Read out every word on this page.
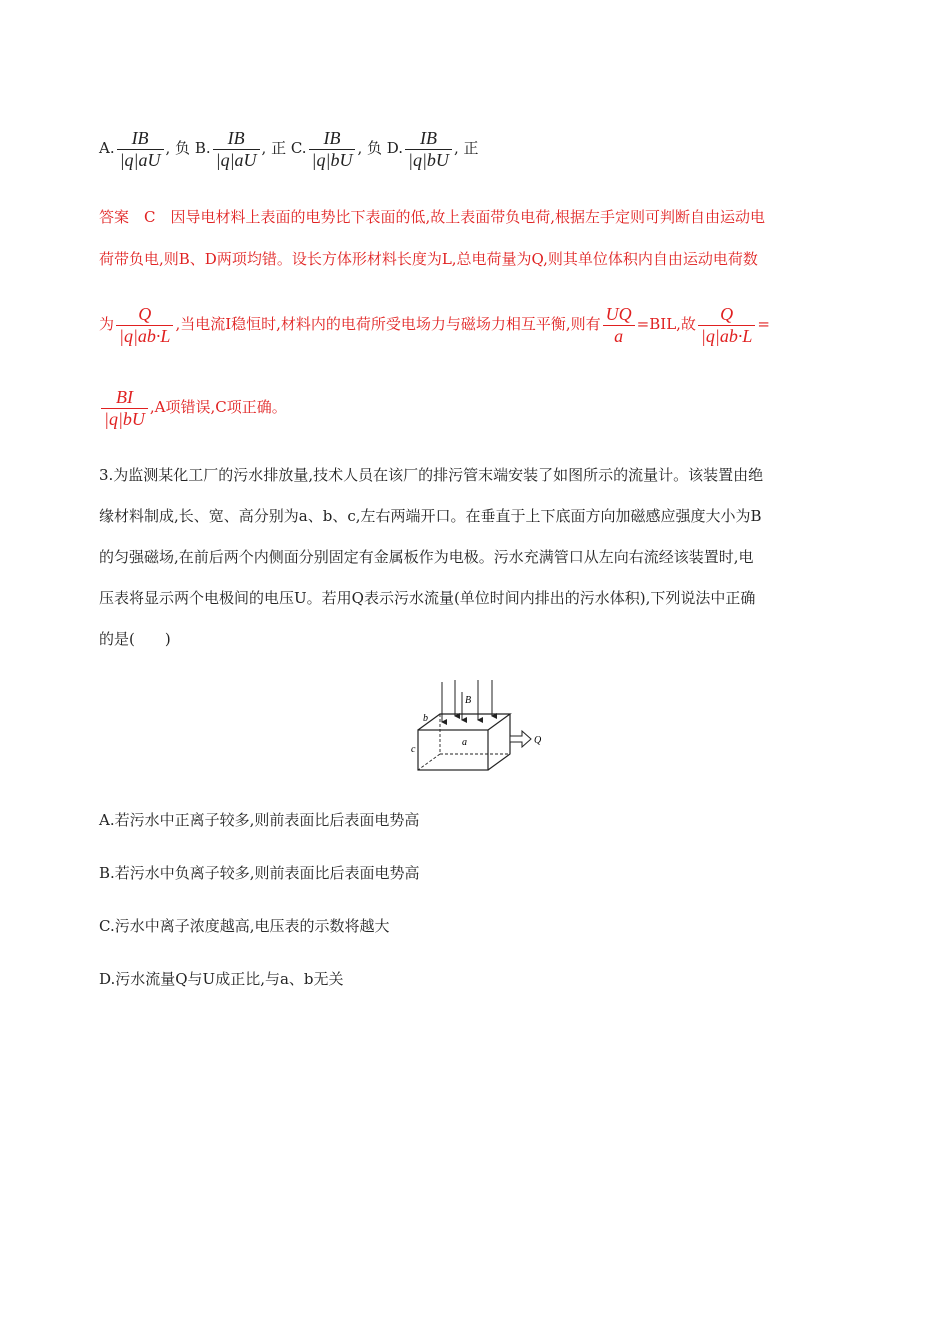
A. $\frac{IB}{|q|aU}$ , 负 B. $\frac{IB}{|q|aU}$ , 正 C. $\frac{IB}{|q|bU}$ , 负 D. $\frac{IB}{|q|bU}$ , 正
答案　C　因导电材料上表面的电势比下表面的低,故上表面带负电荷,根据左手定则可判断自由运动电
荷带负电,则B、D两项均错。设长方体形材料长度为L,总电荷量为Q,则其单位体积内自由运动电荷数
为 $\frac{Q}{|q|ab\cdot L}$ ,当电流I稳恒时,材料内的电荷所受电场力与磁场力相互平衡,则有 $\frac{UQ}{a} =BIL$,故 $\frac{Q}{|q|ab\cdot L}$ =
$\frac{BI}{|q|bU} ,A$项错误,C项正确。

3.为监测某化工厂的污水排放量,技术人员在该厂的排污管末端安装了如图所示的流量计。该装置由绝

缘材料制成,长、宽、高分别为a、b、c,左右两端开口。在垂直于上下底面方向加磁感应强度大小为B

的匀强磁场,在前后两个内侧面分别固定有金属板作为电极。污水充满管口从左向右流经该装置时,电

压表将显示两个电极间的电压U。若用Q表示污水流量(单位时间内排出的污水体积),下列说法中正确

的是(　　)

B
a
b
c
Q
A.若污水中正离子较多,则前表面比后表面电势高
B.若污水中负离子较多,则前表面比后表面电势高
C.污水中离子浓度越高,电压表的示数将越大
D.污水流量Q与U成正比,与a、b无关
